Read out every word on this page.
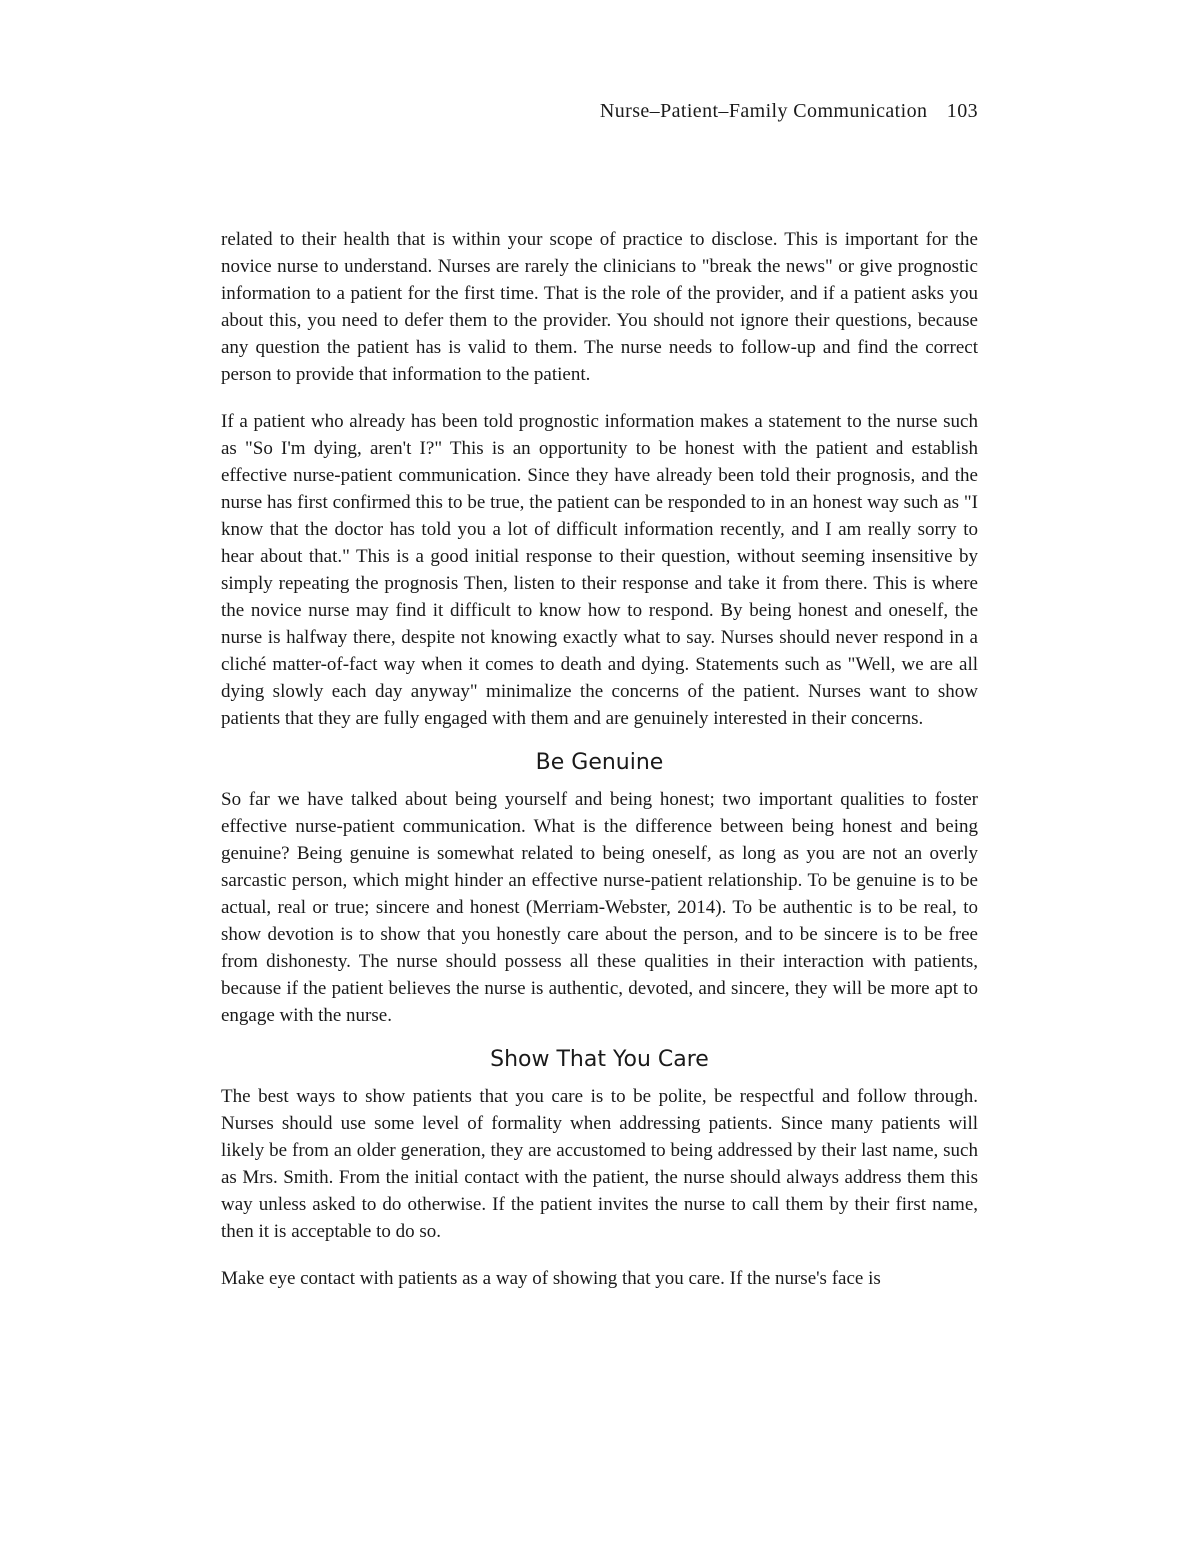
Nurse–Patient–Family Communication 103

related to their health that is within your scope of practice to disclose. This is important for the novice nurse to understand. Nurses are rarely the clinicians to "break the news" or give prognostic information to a patient for the first time. That is the role of the provider, and if a patient asks you about this, you need to defer them to the provider. You should not ignore their questions, because any question the patient has is valid to them. The nurse needs to follow-up and find the correct person to provide that information to the patient.

If a patient who already has been told prognostic information makes a statement to the nurse such as "So I'm dying, aren't I?" This is an opportunity to be honest with the patient and establish effective nurse-patient communication. Since they have already been told their prognosis, and the nurse has first confirmed this to be true, the patient can be responded to in an honest way such as "I know that the doctor has told you a lot of difficult information recently, and I am really sorry to hear about that." This is a good initial response to their question, without seeming insensitive by simply repeating the prognosis Then, listen to their response and take it from there. This is where the novice nurse may find it difficult to know how to respond. By being honest and oneself, the nurse is halfway there, despite not knowing exactly what to say. Nurses should never respond in a cliché matter-of-fact way when it comes to death and dying. Statements such as "Well, we are all dying slowly each day anyway" minimalize the concerns of the patient. Nurses want to show patients that they are fully engaged with them and are genuinely interested in their concerns.

Be Genuine

So far we have talked about being yourself and being honest; two important qualities to foster effective nurse-patient communication. What is the difference between being honest and being genuine? Being genuine is somewhat related to being oneself, as long as you are not an overly sarcastic person, which might hinder an effective nurse-patient relationship. To be genuine is to be actual, real or true; sincere and honest (Merriam-Webster, 2014). To be authentic is to be real, to show devotion is to show that you honestly care about the person, and to be sincere is to be free from dishonesty. The nurse should possess all these qualities in their interaction with patients, because if the patient believes the nurse is authentic, devoted, and sincere, they will be more apt to engage with the nurse.

Show That You Care

The best ways to show patients that you care is to be polite, be respectful and follow through. Nurses should use some level of formality when addressing patients. Since many patients will likely be from an older generation, they are accustomed to being addressed by their last name, such as Mrs. Smith. From the initial contact with the patient, the nurse should always address them this way unless asked to do otherwise. If the patient invites the nurse to call them by their first name, then it is acceptable to do so.

Make eye contact with patients as a way of showing that you care. If the nurse's face is
